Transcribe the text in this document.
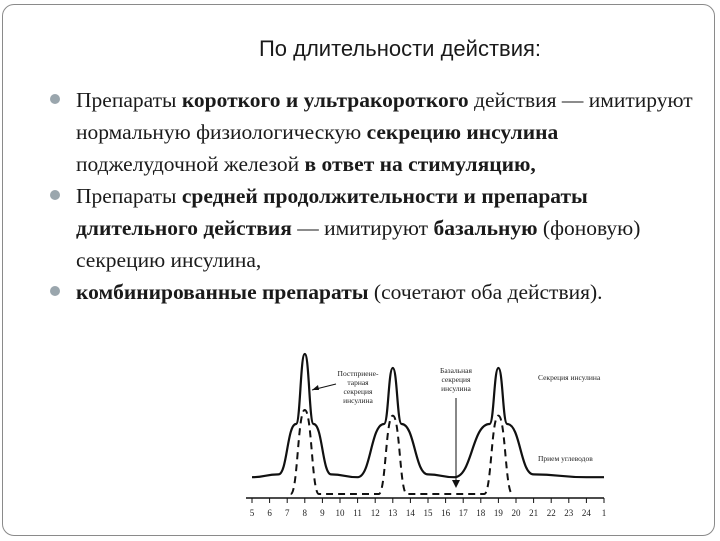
По длительности действия:
Препараты короткого и ультракороткого действия — имитируют нормальную физиологическую секрецию инсулина поджелудочной железой в ответ на стимуляцию,
Препараты средней продолжительности и препараты длительного действия — имитируют базальную (фоновую) секрецию инсулина,
комбинированные препараты (сочетают оба действия).
5 6 7 8 9 10 11 12 13 14 15 16 17 18 19 20 21 22 23 24 1
Постприене-
тарная
секреция
инсулина
Базальная
секреция
инсулина
Секреция инсулина
Прием углеводов
